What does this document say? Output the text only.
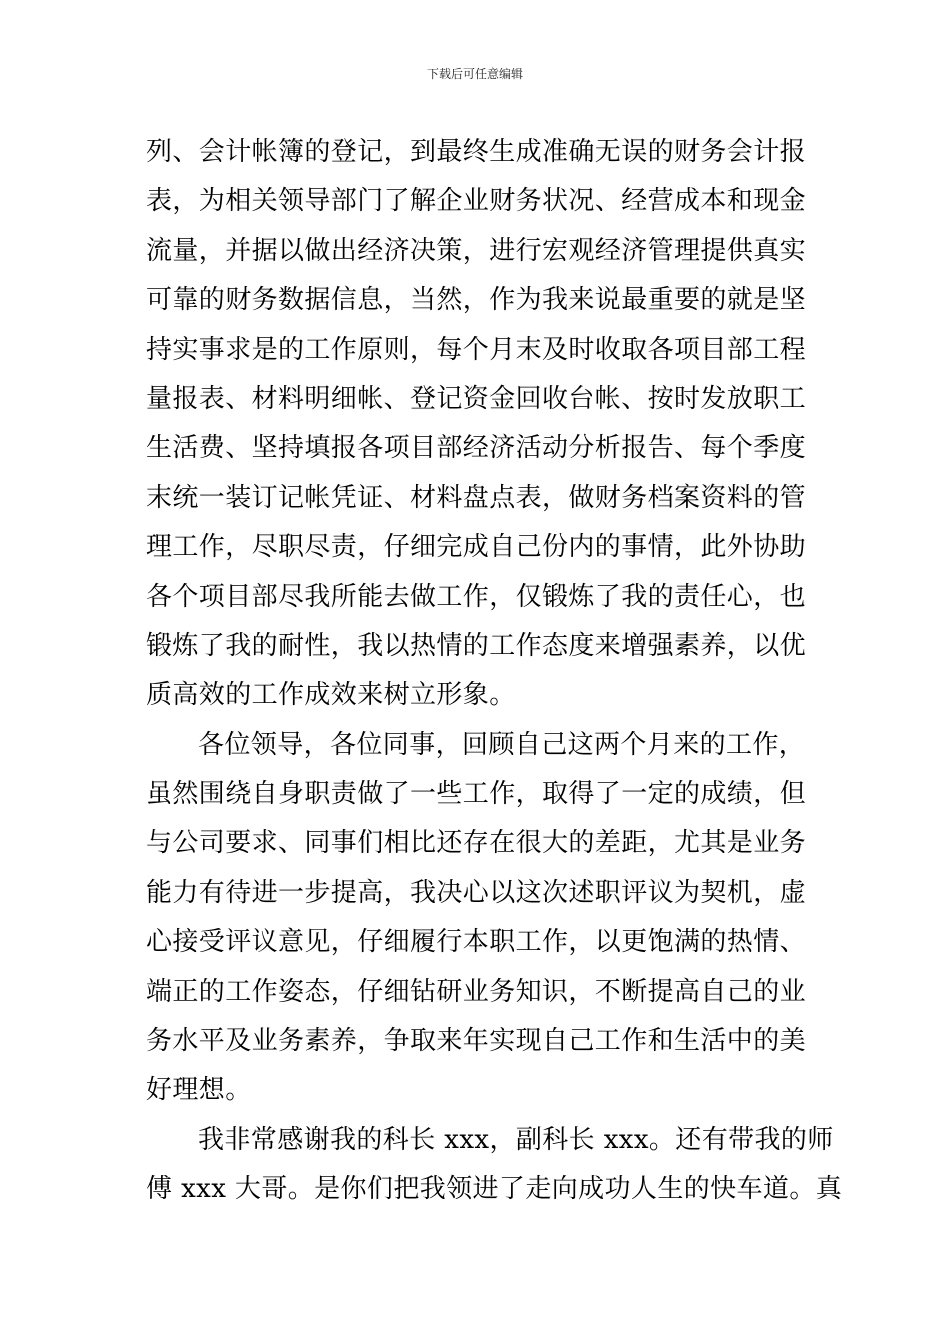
下载后可任意编辑
列、会计帐簿的登记，到最终生成准确无误的财务会计报
表，为相关领导部门了解企业财务状况、经营成本和现金
流量，并据以做出经济决策，进行宏观经济管理提供真实
可靠的财务数据信息，当然，作为我来说最重要的就是坚
持实事求是的工作原则，每个月末及时收取各项目部工程
量报表、材料明细帐、登记资金回收台帐、按时发放职工
生活费、坚持填报各项目部经济活动分析报告、每个季度
末统一装订记帐凭证、材料盘点表，做财务档案资料的管
理工作，尽职尽责，仔细完成自己份内的事情，此外协助
各个项目部尽我所能去做工作，仅锻炼了我的责任心，也
锻炼了我的耐性，我以热情的工作态度来增强素养，以优
质高效的工作成效来树立形象。
各位领导，各位同事，回顾自己这两个月来的工作，
虽然围绕自身职责做了一些工作，取得了一定的成绩，但
与公司要求、同事们相比还存在很大的差距，尤其是业务
能力有待进一步提高，我决心以这次述职评议为契机，虚
心接受评议意见，仔细履行本职工作，以更饱满的热情、
端正的工作姿态，仔细钻研业务知识，不断提高自己的业
务水平及业务素养，争取来年实现自己工作和生活中的美
好理想。
我非常感谢我的科长 xxx，副科长 xxx。还有带我的师
傅 xxx 大哥。是你们把我领进了走向成功人生的快车道。真
